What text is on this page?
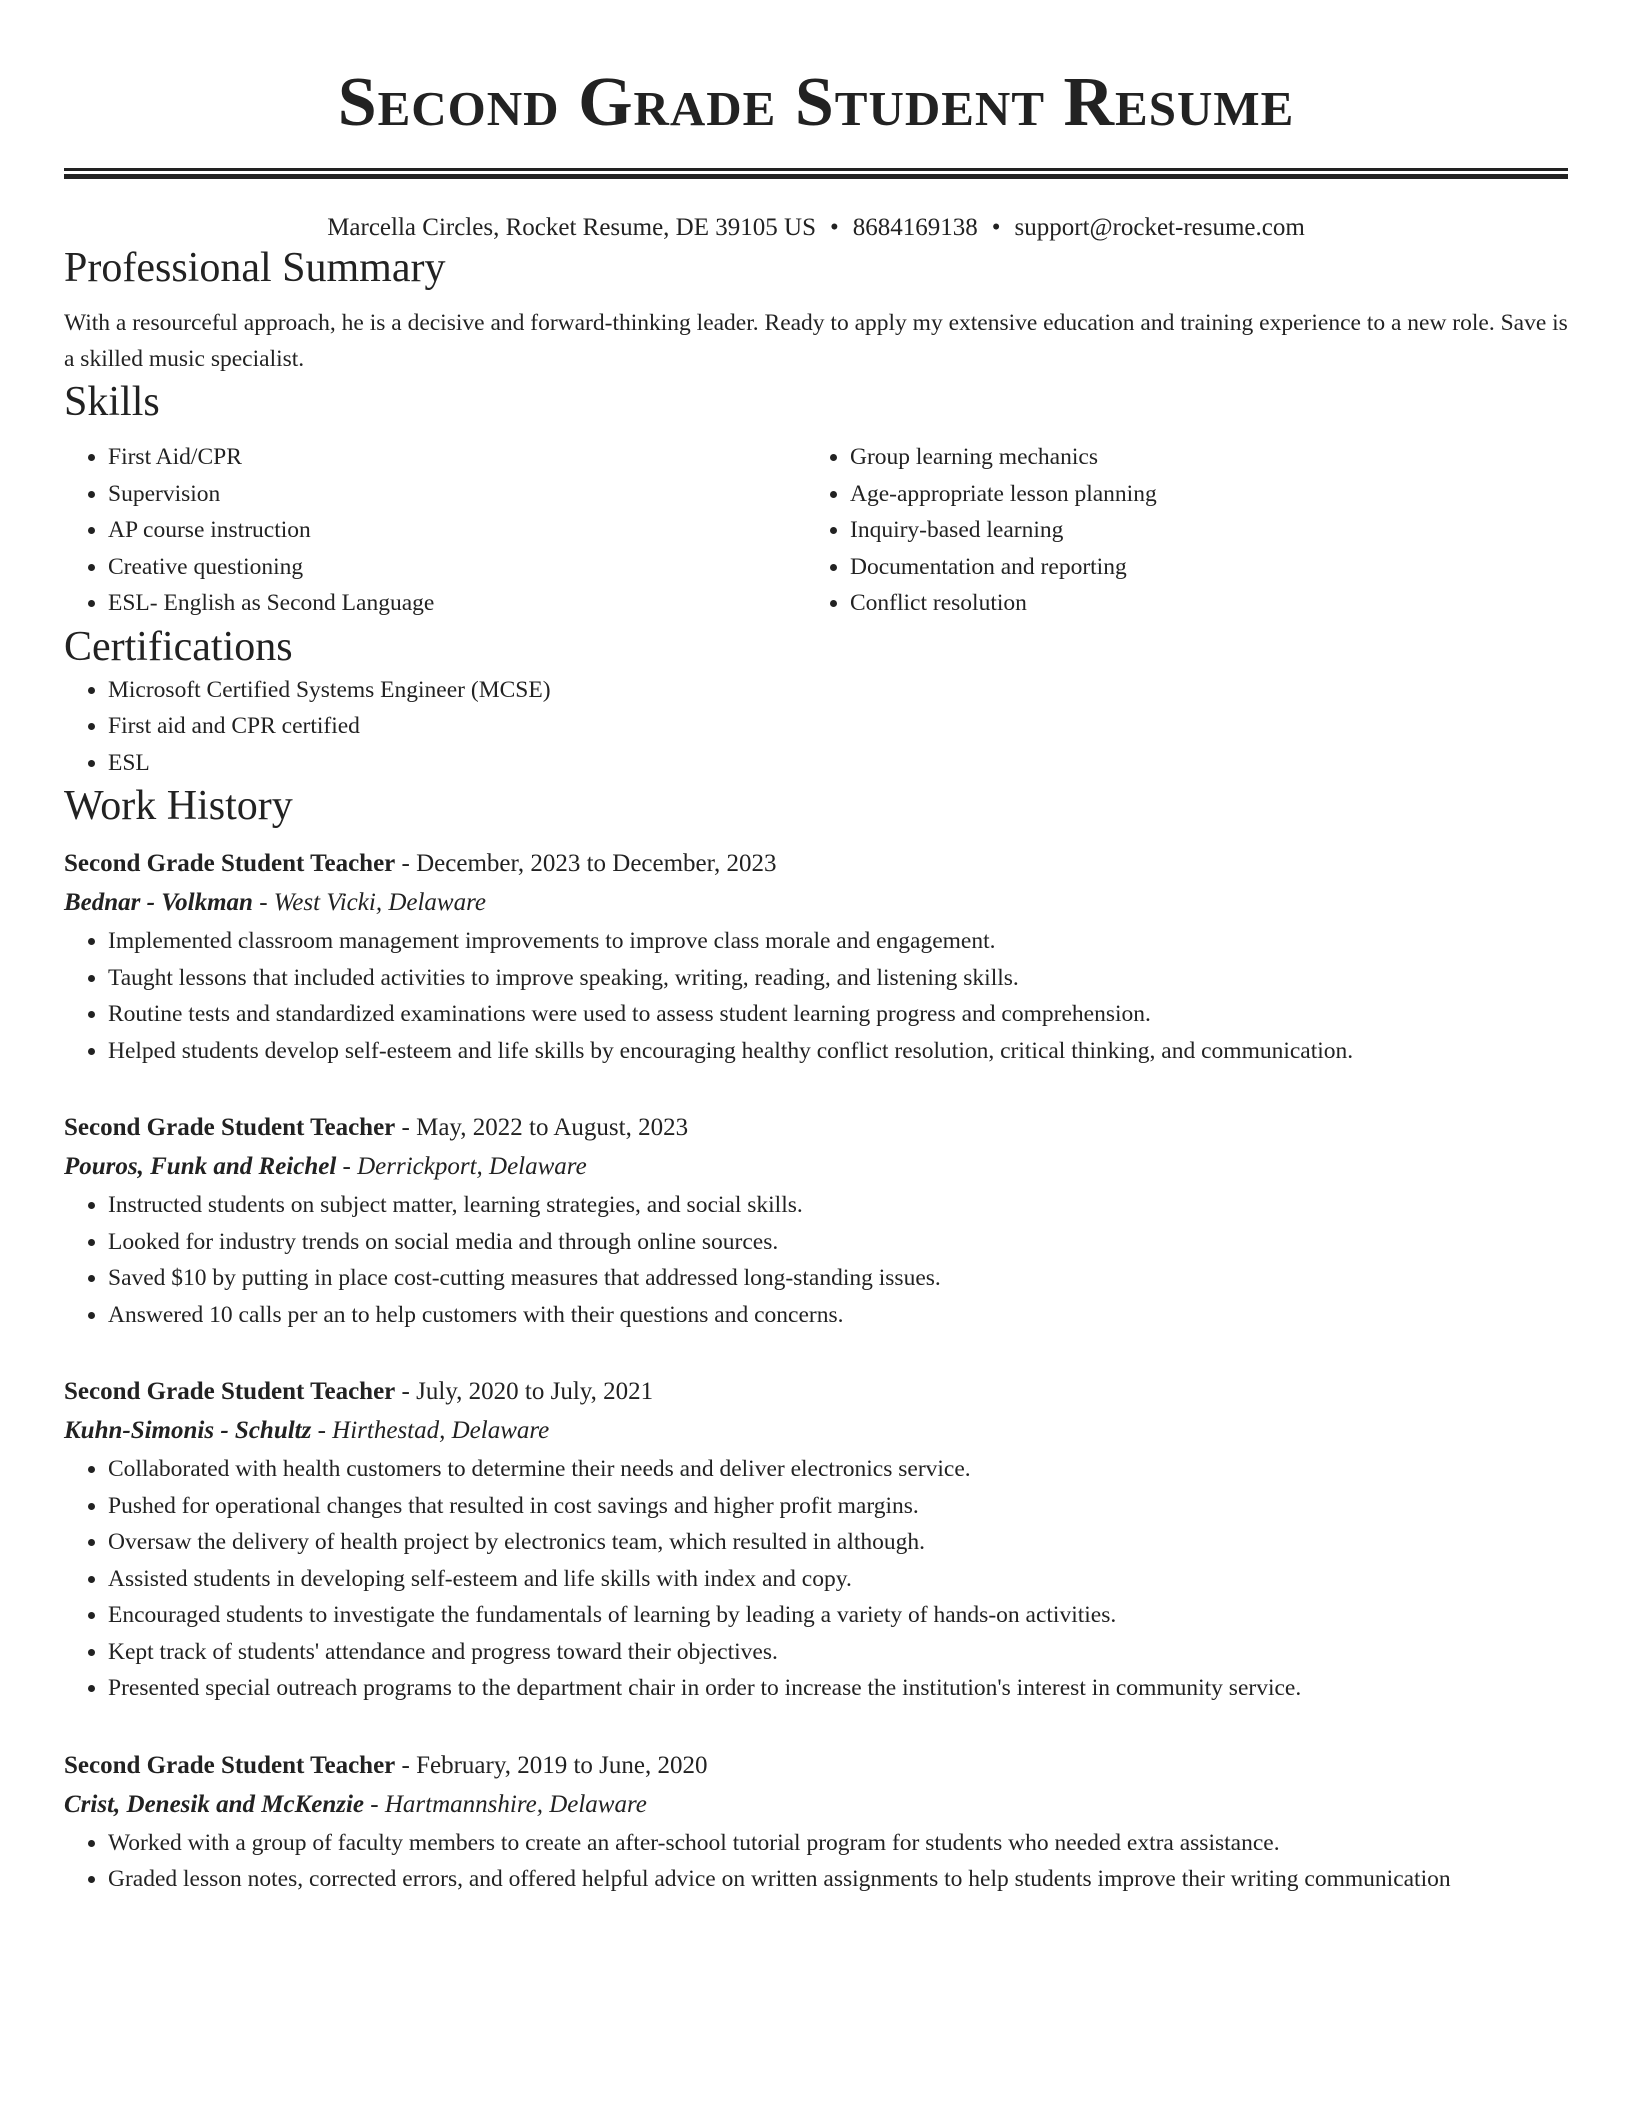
Second Grade Student Resume
Marcella Circles, Rocket Resume, DE 39105 US • 8684169138 • support@rocket-resume.com
Professional Summary

With a resourceful approach, he is a decisive and forward-thinking leader. Ready to apply my extensive education and training experience to a new role. Save is a skilled music specialist.

Skills
• First Aid/CPR
• Supervision
• AP course instruction
• Creative questioning
• ESL- English as Second Language
• Group learning mechanics
• Age-appropriate lesson planning
• Inquiry-based learning
• Documentation and reporting
• Conflict resolution
Certifications
• Microsoft Certified Systems Engineer (MCSE)
• First aid and CPR certified
• ESL
Work History
Second Grade Student Teacher - December, 2023 to December, 2023
Bednar - Volkman - West Vicki, Delaware
• Implemented classroom management improvements to improve class morale and engagement.
• Taught lessons that included activities to improve speaking, writing, reading, and listening skills.
• Routine tests and standardized examinations were used to assess student learning progress and comprehension.
• Helped students develop self-esteem and life skills by encouraging healthy conflict resolution, critical thinking, and communication.
Second Grade Student Teacher - May, 2022 to August, 2023
Pouros, Funk and Reichel - Derrickport, Delaware
• Instructed students on subject matter, learning strategies, and social skills.
• Looked for industry trends on social media and through online sources.
• Saved $10 by putting in place cost-cutting measures that addressed long-standing issues.
• Answered 10 calls per an to help customers with their questions and concerns.
Second Grade Student Teacher - July, 2020 to July, 2021
Kuhn-Simonis - Schultz - Hirthestad, Delaware
• Collaborated with health customers to determine their needs and deliver electronics service.
• Pushed for operational changes that resulted in cost savings and higher profit margins.
• Oversaw the delivery of health project by electronics team, which resulted in although.
• Assisted students in developing self-esteem and life skills with index and copy.
• Encouraged students to investigate the fundamentals of learning by leading a variety of hands-on activities.
• Kept track of students' attendance and progress toward their objectives.
• Presented special outreach programs to the department chair in order to increase the institution's interest in community service.
Second Grade Student Teacher - February, 2019 to June, 2020
Crist, Denesik and McKenzie - Hartmannshire, Delaware
• Worked with a group of faculty members to create an after-school tutorial program for students who needed extra assistance.
• Graded lesson notes, corrected errors, and offered helpful advice on written assignments to help students improve their writing communication
